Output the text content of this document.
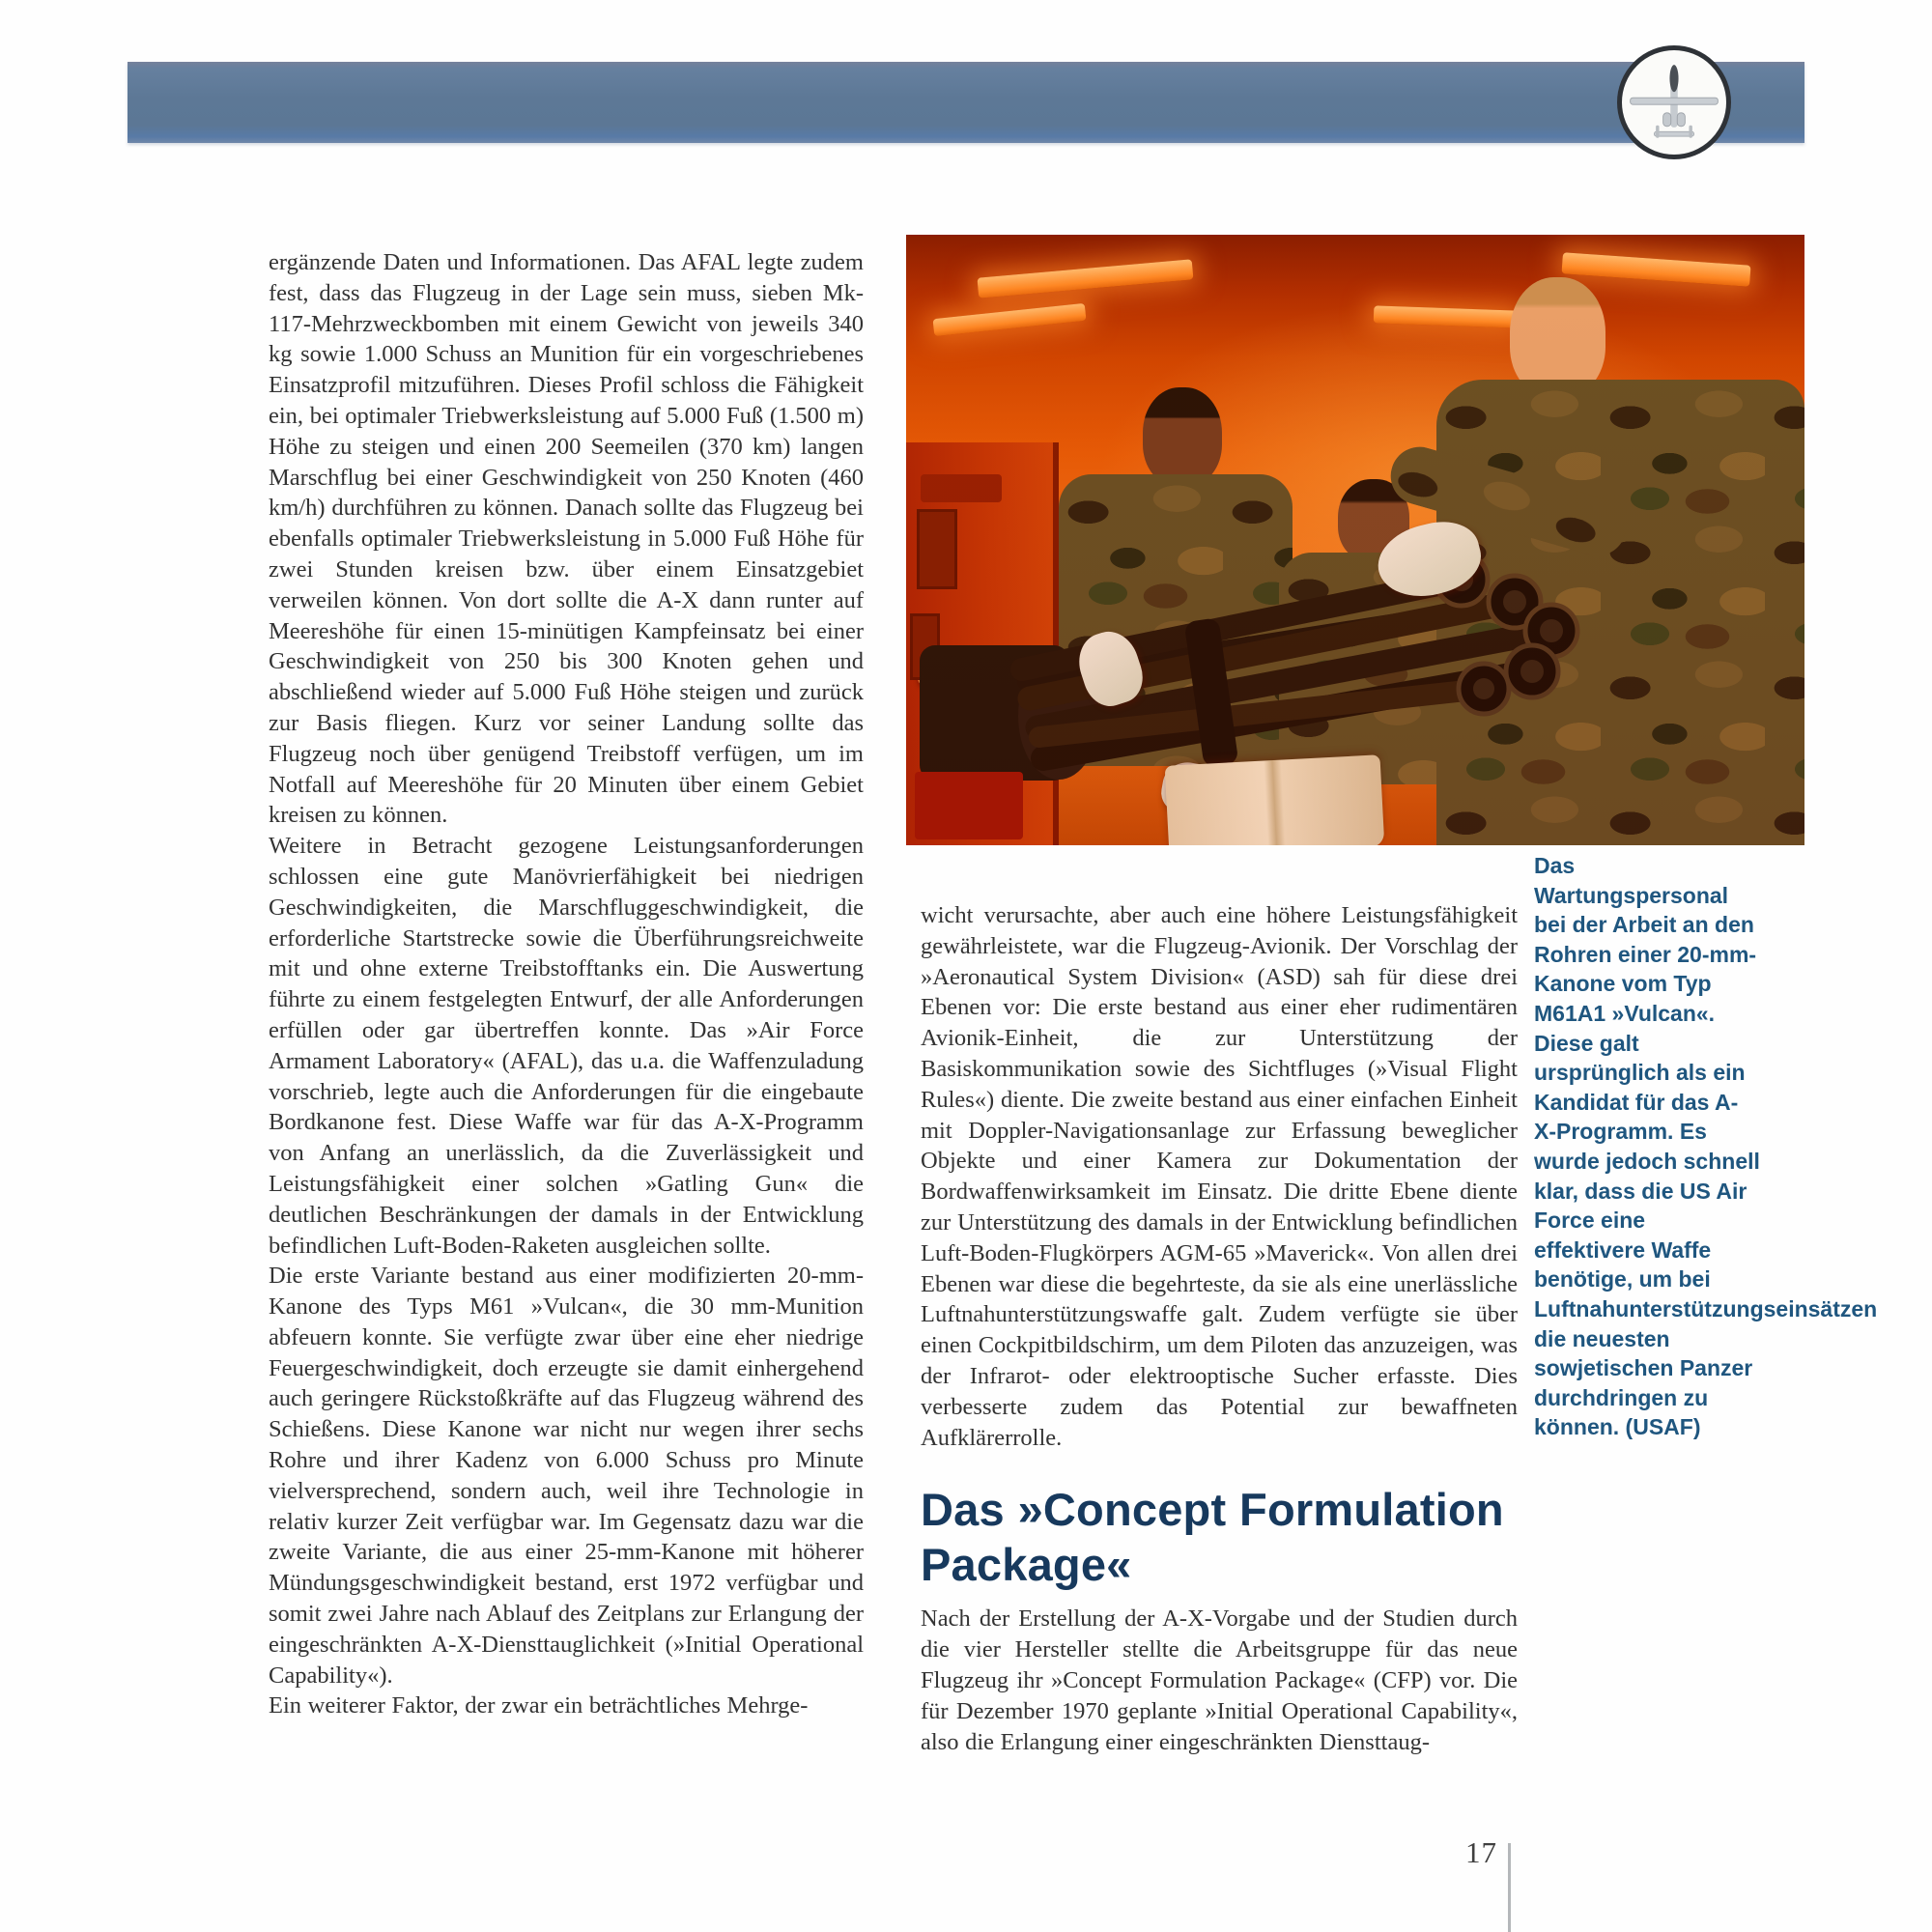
Das Wartungspersonal bei der Arbeit an den Rohren einer 20-mm-Kanone vom Typ M61A1 »Vulcan«. Diese galt ursprünglich als ein Kandidat für das A-X-Programm. Es wurde jedoch schnell klar, dass die US Air Force eine effektivere Waffe benötige, um bei Luftnahunterstützungseinsätzen die neuesten sowjetischen Panzer durchdringen zu können. (USAF)

ergänzende Daten und Informationen. Das AFAL legte zudem fest, dass das Flugzeug in der Lage sein muss, sieben Mk-117-Mehrzweckbomben mit einem Gewicht von jeweils 340 kg sowie 1.000 Schuss an Munition für ein vorgeschriebenes Einsatzprofil mitzuführen. Dieses Profil schloss die Fähigkeit ein, bei optimaler Triebwerksleistung auf 5.000 Fuß (1.500 m) Höhe zu steigen und einen 200 Seemeilen (370 km) langen Marschflug bei einer Geschwindigkeit von 250 Knoten (460 km/h) durchführen zu können. Danach sollte das Flugzeug bei ebenfalls optimaler Triebwerksleistung in 5.000 Fuß Höhe für zwei Stunden kreisen bzw. über einem Einsatzgebiet verweilen können. Von dort sollte die A-X dann runter auf Meereshöhe für einen 15-minütigen Kampfeinsatz bei einer Geschwindigkeit von 250 bis 300 Knoten gehen und abschließend wieder auf 5.000 Fuß Höhe steigen und zurück zur Basis fliegen. Kurz vor seiner Landung sollte das Flugzeug noch über genügend Treibstoff verfügen, um im Notfall auf Meereshöhe für 20 Minuten über einem Gebiet kreisen zu können.

Weitere in Betracht gezogene Leistungsanforderungen schlossen eine gute Manövrierfähigkeit bei niedrigen Geschwindigkeiten, die Marschfluggeschwindigkeit, die erforderliche Startstrecke sowie die Überführungsreichweite mit und ohne externe Treibstofftanks ein. Die Auswertung führte zu einem festgelegten Entwurf, der alle Anforderungen erfüllen oder gar übertreffen konnte. Das »Air Force Armament Laboratory« (AFAL), das u.a. die Waffenzuladung vorschrieb, legte auch die Anforderungen für die eingebaute Bordkanone fest. Diese Waffe war für das A-X-Programm von Anfang an unerlässlich, da die Zuverlässigkeit und Leistungsfähigkeit einer solchen »Gatling Gun« die deutlichen Beschränkungen der damals in der Entwicklung befindlichen Luft-Boden-Raketen ausgleichen sollte.

Die erste Variante bestand aus einer modifizierten 20-mm-Kanone des Typs M61 »Vulcan«, die 30 mm-Munition abfeuern konnte. Sie verfügte zwar über eine eher niedrige Feuergeschwindigkeit, doch erzeugte sie damit einhergehend auch geringere Rückstoßkräfte auf das Flugzeug während des Schießens. Diese Kanone war nicht nur wegen ihrer sechs Rohre und ihrer Kadenz von 6.000 Schuss pro Minute vielversprechend, sondern auch, weil ihre Technologie in relativ kurzer Zeit verfügbar war. Im Gegensatz dazu war die zweite Variante, die aus einer 25-mm-Kanone mit höherer Mündungsgeschwindigkeit bestand, erst 1972 verfügbar und somit zwei Jahre nach Ablauf des Zeitplans zur Erlangung der eingeschränkten A-X-Diensttauglichkeit (»Initial Operational Capability«).

Ein weiterer Faktor, der zwar ein beträchtliches Mehrge-

wicht verursachte, aber auch eine höhere Leistungsfähigkeit gewährleistete, war die Flugzeug-Avionik. Der Vorschlag der »Aeronautical System Division« (ASD) sah für diese drei Ebenen vor: Die erste bestand aus einer eher rudimentären Avionik-Einheit, die zur Unterstützung der Basiskommunikation sowie des Sichtfluges (»Visual Flight Rules«) diente. Die zweite bestand aus einer einfachen Einheit mit Doppler-Navigationsanlage zur Erfassung beweglicher Objekte und einer Kamera zur Dokumentation der Bordwaffenwirksamkeit im Einsatz. Die dritte Ebene diente zur Unterstützung des damals in der Entwicklung befindlichen Luft-Boden-Flugkörpers AGM-65 »Maverick«. Von allen drei Ebenen war diese die begehrteste, da sie als eine unerlässliche Luftnahunterstützungswaffe galt. Zudem verfügte sie über einen Cockpitbildschirm, um dem Piloten das anzuzeigen, was der Infrarot- oder elektrooptische Sucher erfasste. Dies verbesserte zudem das Potential zur bewaffneten Aufklärerrolle.

Das »Concept Formulation Package«

Nach der Erstellung der A-X-Vorgabe und der Studien durch die vier Hersteller stellte die Arbeitsgruppe für das neue Flugzeug ihr »Concept Formulation Package« (CFP) vor. Die für Dezember 1970 geplante »Initial Operational Capability«, also die Erlangung einer eingeschränkten Diensttaug-

17
